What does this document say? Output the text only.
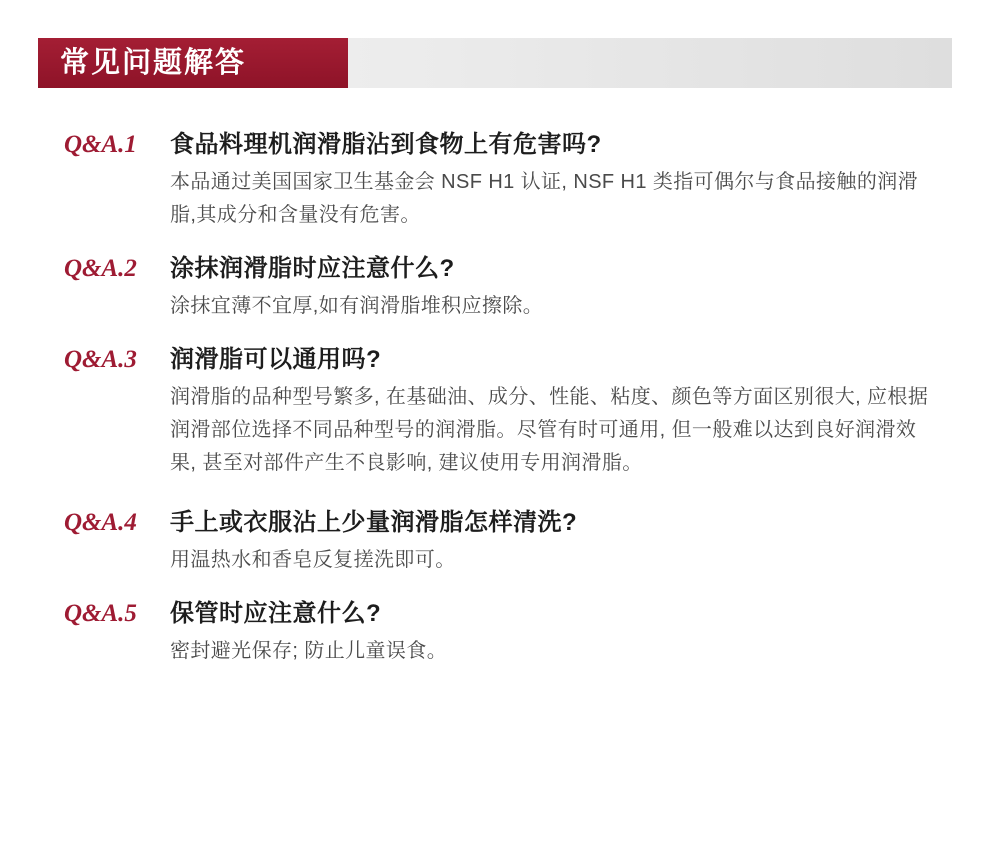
常见问题解答
Q&A.1	食品料理机润滑脂沾到食物上有危害吗?

本品通过美国国家卫生基金会 NSF H1 认证, NSF H1 类指可偶尔与食品接触的润滑脂,其成分和含量没有危害。

Q&A.2	涂抹润滑脂时应注意什么?

涂抹宜薄不宜厚,如有润滑脂堆积应擦除。

Q&A.3	润滑脂可以通用吗?

润滑脂的品种型号繁多, 在基础油、成分、性能、粘度、颜色等方面区别很大, 应根据润滑部位选择不同品种型号的润滑脂。尽管有时可通用, 但一般难以达到良好润滑效果, 甚至对部件产生不良影响, 建议使用专用润滑脂。

Q&A.4	手上或衣服沾上少量润滑脂怎样清洗?

用温热水和香皂反复搓洗即可。

Q&A.5	保管时应注意什么?

密封避光保存; 防止儿童误食。
